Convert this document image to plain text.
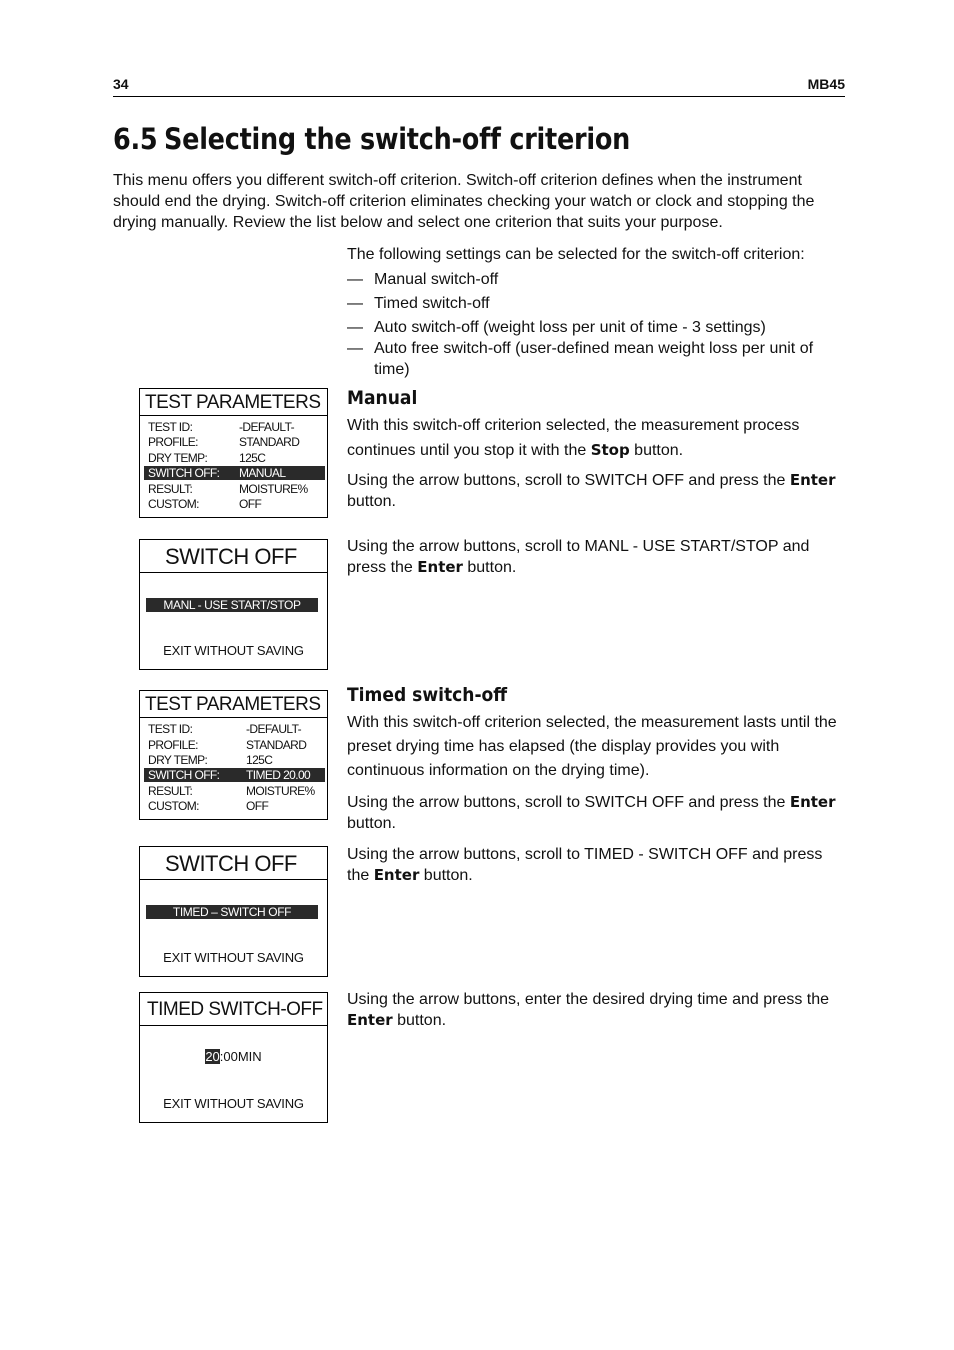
34	MB45
6.5 Selecting the switch-off criterion
This menu offers you different switch-off criterion. Switch-off criterion defines when the instrument should end the drying. Switch-off criterion eliminates checking your watch or clock and stopping the drying manually. Review the list below and select one criterion that suits your purpose.
The following settings can be selected for the switch-off criterion:
— Manual switch-off
— Timed switch-off
— Auto switch-off (weight loss per unit of time - 3 settings)
— Auto free switch-off (user-defined mean weight loss per unit of time)
Manual
With this switch-off criterion selected, the measurement process continues until you stop it with the Stop button.
Using the arrow buttons, scroll to SWITCH OFF and press the Enter button.
Using the arrow buttons, scroll to MANL - USE START/STOP and press the Enter button.
Timed switch-off
With this switch-off criterion selected, the measurement lasts until the preset drying time has elapsed (the display provides you with continuous information on the drying time).
Using the arrow buttons, scroll to SWITCH OFF and press the Enter button.
Using the arrow buttons, scroll to TIMED - SWITCH OFF and press the Enter button.
Using the arrow buttons, enter the desired drying time and press the Enter button.
TEST PARAMETERS
TEST ID:	-DEFAULT-
PROFILE:	STANDARD
DRY TEMP:	125C
SWITCH OFF: MANUAL
RESULT:	MOISTURE%
CUSTOM:	OFF
SWITCH OFF
MANL - USE START/STOP
EXIT WITHOUT SAVING
TEST PARAMETERS
TEST ID:	-DEFAULT-
PROFILE:	STANDARD
DRY TEMP:	125C
SWITCH OFF: TIMED 20.00
RESULT:	MOISTURE%
CUSTOM:	OFF
SWITCH OFF
TIMED – SWITCH OFF
EXIT WITHOUT SAVING
TIMED SWITCH-OFF
20:00MIN
EXIT WITHOUT SAVING
